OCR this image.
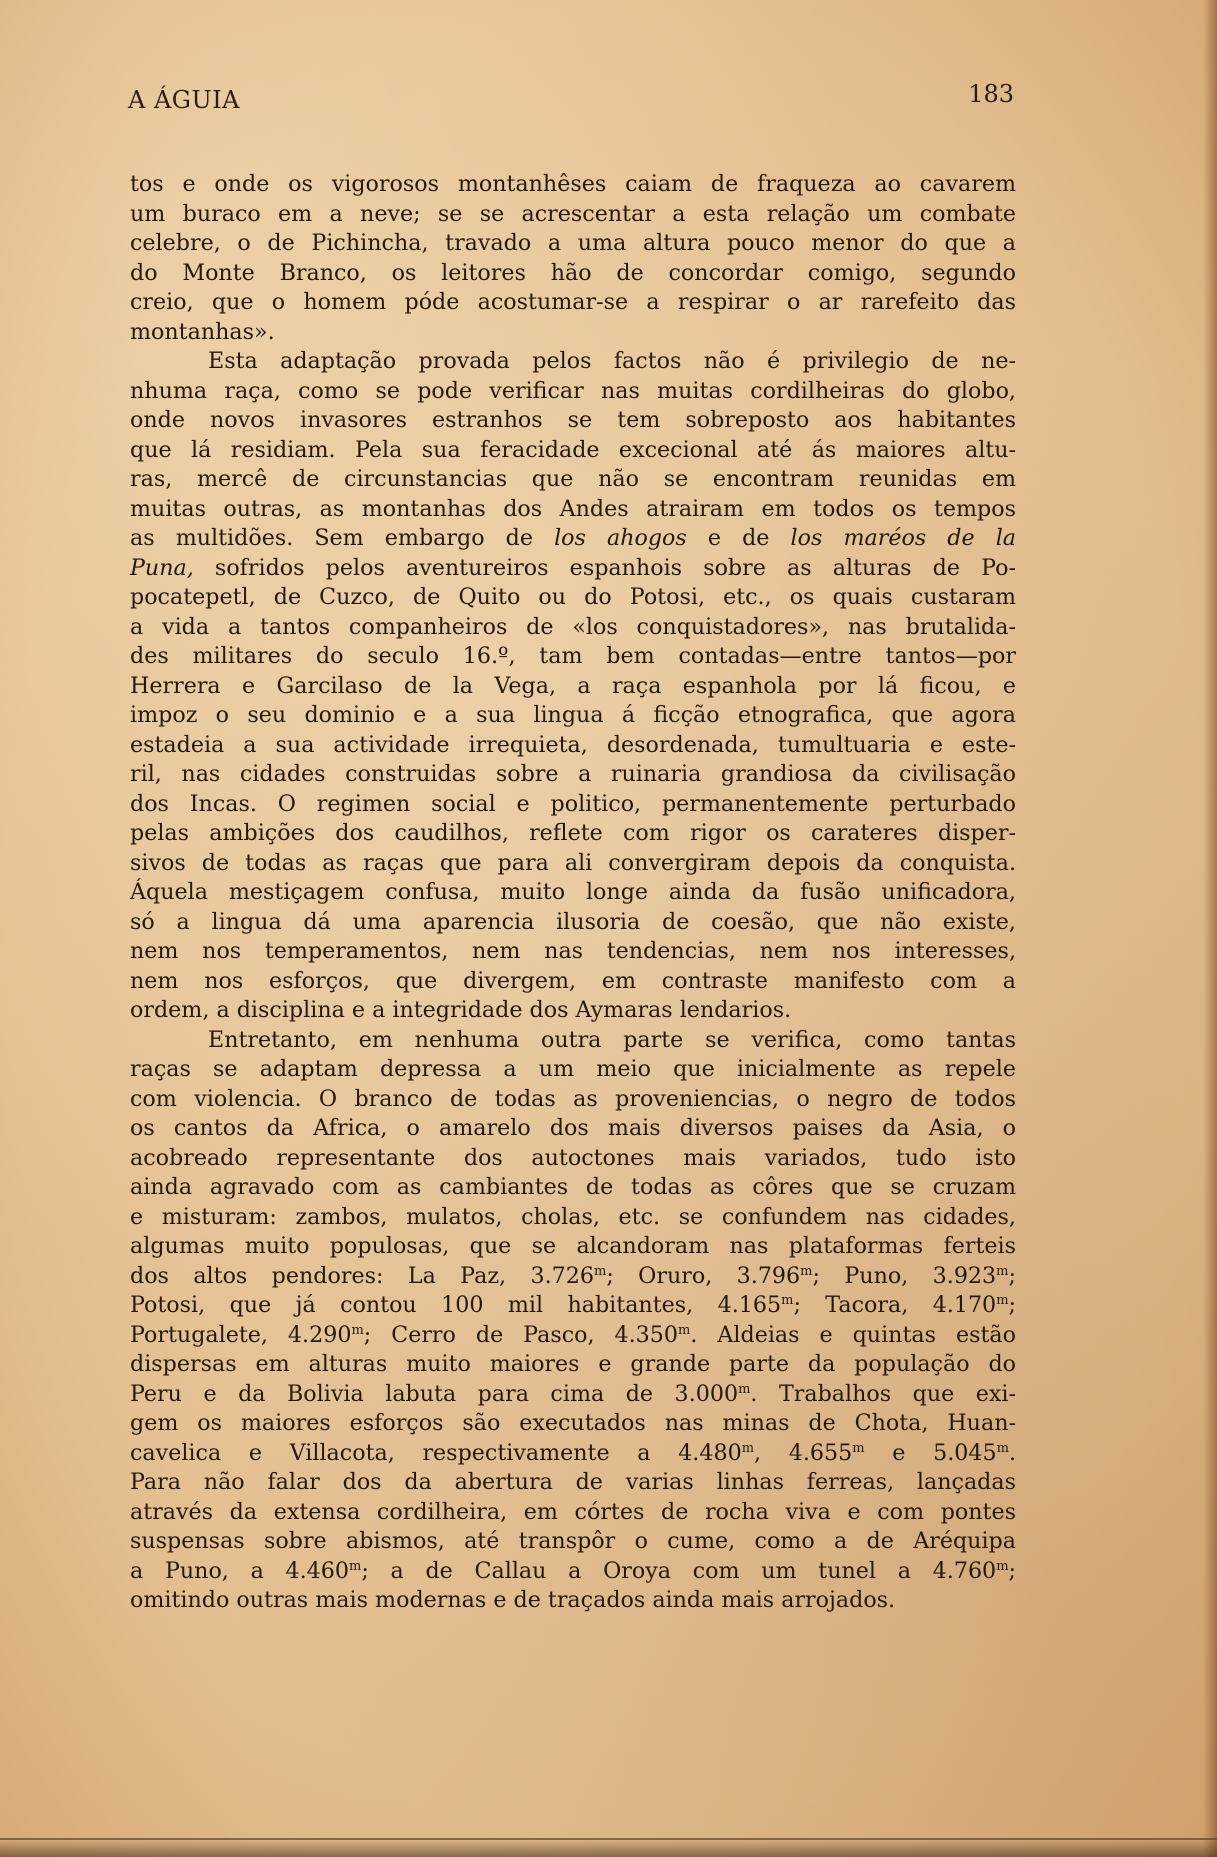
A ÁGUIA	183
tos e onde os vigorosos montanhêses caiam de fraqueza ao cavarem
um buraco em a neve; se se acrescentar a esta relação um combate
celebre, o de Pichincha, travado a uma altura pouco menor do que a
do Monte Branco, os leitores hão de concordar comigo, segundo
creio, que o homem póde acostumar-se a respirar o ar rarefeito das
montanhas».
Esta adaptação provada pelos factos não é privilegio de ne-
nhuma raça, como se pode verificar nas muitas cordilheiras do globo,
onde novos invasores estranhos se tem sobreposto aos habitantes
que lá residiam. Pela sua feracidade excecional até ás maiores altu-
ras, mercê de circunstancias que não se encontram reunidas em
muitas outras, as montanhas dos Andes atrairam em todos os tempos
as multidões. Sem embargo de los ahogos e de los maréos de la
Puna, sofridos pelos aventureiros espanhois sobre as alturas de Po-
pocatepetl, de Cuzco, de Quito ou do Potosi, etc., os quais custaram
a vida a tantos companheiros de «los conquistadores», nas brutalida-
des militares do seculo 16.º, tam bem contadas—entre tantos—por
Herrera e Garcilaso de la Vega, a raça espanhola por lá ficou, e
impoz o seu dominio e a sua lingua á ficção etnografica, que agora
estadeia a sua actividade irrequieta, desordenada, tumultuaria e este-
ril, nas cidades construidas sobre a ruinaria grandiosa da civilisação
dos Incas. O regimen social e politico, permanentemente perturbado
pelas ambições dos caudilhos, reflete com rigor os carateres disper-
sivos de todas as raças que para ali convergiram depois da conquista.
Áquela mestiçagem confusa, muito longe ainda da fusão unificadora,
só a lingua dá uma aparencia ilusoria de coesão, que não existe,
nem nos temperamentos, nem nas tendencias, nem nos interesses,
nem nos esforços, que divergem, em contraste manifesto com a
ordem, a disciplina e a integridade dos Aymaras lendarios.
Entretanto, em nenhuma outra parte se verifica, como tantas
raças se adaptam depressa a um meio que inicialmente as repele
com violencia. O branco de todas as proveniencias, o negro de todos
os cantos da Africa, o amarelo dos mais diversos paises da Asia, o
acobreado representante dos autoctones mais variados, tudo isto
ainda agravado com as cambiantes de todas as côres que se cruzam
e misturam: zambos, mulatos, cholas, etc. se confundem nas cidades,
algumas muito populosas, que se alcandoram nas plataformas ferteis
dos altos pendores: La Paz, 3.726$^m$; Oruro, 3.796$^m$; Puno, 3.923$^m$;
Potosi, que já contou 100 mil habitantes, 4.165$^m$; Tacora, 4.170$^m$;
Portugalete, 4.290$^m$; Cerro de Pasco, 4.350$^m$. Aldeias e quintas estão
dispersas em alturas muito maiores e grande parte da população do
Peru e da Bolivia labuta para cima de 3.000$^m$. Trabalhos que exi-
gem os maiores esforços são executados nas minas de Chota, Huan-
cavelica e Villacota, respectivamente a 4.480$^m$, 4.655$^m$ e 5.045$^m$.
Para não falar dos da abertura de varias linhas ferreas, lançadas
através da extensa cordilheira, em córtes de rocha viva e com pontes
suspensas sobre abismos, até transpôr o cume, como a de Aréquipa
a Puno, a 4.460$^m$; a de Callau a Oroya com um tunel a 4.760$^m$;
omitindo outras mais modernas e de traçados ainda mais arrojados.
